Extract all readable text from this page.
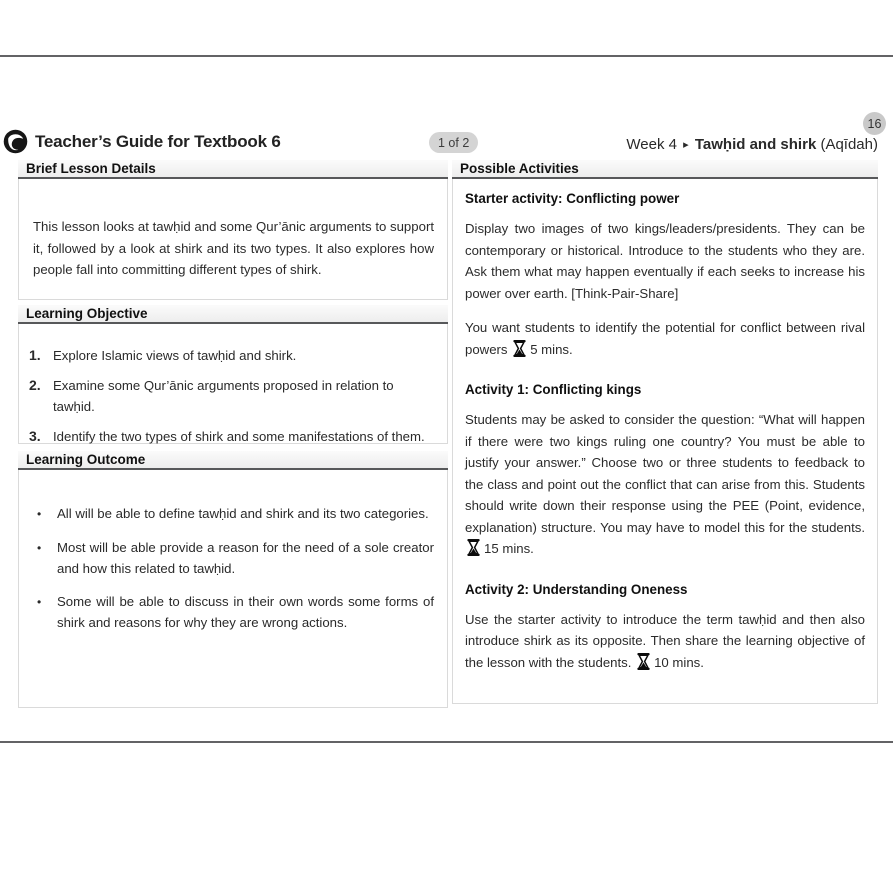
Teacher’s Guide for Textbook 6	1 of 2
16
Week 4 ▸ Tawḥid and shirk (Aqīdah)
Brief Lesson Details

This lesson looks at tawḥid and some Qur’ānic arguments to support it, followed by a look at shirk and its two types. It also explores how people fall into committing different types of shirk.

Learning Objective
1. Explore Islamic views of tawḥid and shirk.
2. Examine some Qur’ānic arguments proposed in relation to tawḥid.
3. Identify the two types of shirk and some manifestations of them.
Learning Outcome
•	All will be able to define tawḥid and shirk and its two categories.
•	Most will be able provide a reason for the need of a sole creator and how this related to tawḥid.
•	Some will be able to discuss in their own words some forms of shirk and reasons for why they are wrong actions.
Possible Activities
Starter activity: Conflicting power

Display two images of two kings/leaders/presidents. They can be contemporary or historical. Introduce to the students who they are. Ask them what may happen eventually if each seeks to increase his power over earth. [Think-Pair-Share]

You want students to identify the potential for conflict between rival powers 5 mins.

Activity 1: Conflicting kings

Students may be asked to consider the question: “What will happen if there were two kings ruling one country? You must be able to justify your answer.” Choose two or three students to feedback to the class and point out the conflict that can arise from this. Students should write down their response using the PEE (Point, evidence, explanation) structure. You may have to model this for the students. 15 mins.

Activity 2: Understanding Oneness

Use the starter activity to introduce the term tawḥid and then also introduce shirk as its opposite. Then share the learning objective of the lesson with the students. 10 mins.
